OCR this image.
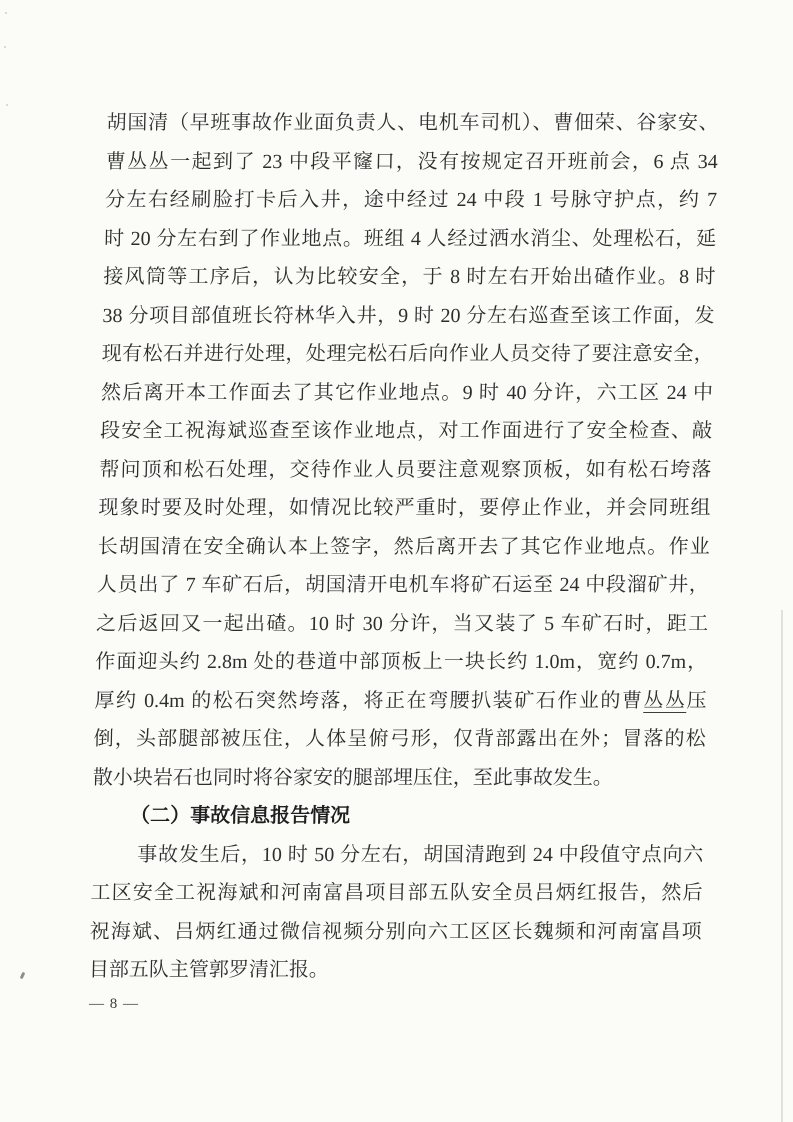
胡国清（早班事故作业面负责人、电机车司机）、曹佃荣、谷家安、
曹丛丛一起到了 23 中段平窿口，没有按规定召开班前会，6 点 34
分左右经刷脸打卡后入井，途中经过 24 中段 1 号脉守护点，约 7
时 20 分左右到了作业地点。班组 4 人经过洒水消尘、处理松石，延
接风筒等工序后，认为比较安全，于 8 时左右开始出碴作业。8 时
38 分项目部值班长符林华入井，9 时 20 分左右巡查至该工作面，发
现有松石并进行处理，处理完松石后向作业人员交待了要注意安全，
然后离开本工作面去了其它作业地点。9 时 40 分许，六工区 24 中
段安全工祝海斌巡查至该作业地点，对工作面进行了安全检查、敲
帮问顶和松石处理，交待作业人员要注意观察顶板，如有松石垮落
现象时要及时处理，如情况比较严重时，要停止作业，并会同班组
长胡国清在安全确认本上签字，然后离开去了其它作业地点。作业
人员出了 7 车矿石后，胡国清开电机车将矿石运至 24 中段溜矿井，
之后返回又一起出碴。10 时 30 分许，当又装了 5 车矿石时，距工
作面迎头约 2.8m 处的巷道中部顶板上一块长约 1.0m，宽约 0.7m，
厚约 0.4m 的松石突然垮落，将正在弯腰扒装矿石作业的曹丛丛压
倒，头部腿部被压住，人体呈俯弓形，仅背部露出在外；冒落的松
散小块岩石也同时将谷家安的腿部埋压住，至此事故发生。
（二）事故信息报告情况
事故发生后，10 时 50 分左右，胡国清跑到 24 中段值守点向六
工区安全工祝海斌和河南富昌项目部五队安全员吕炳红报告，然后
祝海斌、吕炳红通过微信视频分别向六工区区长魏频和河南富昌项
目部五队主管郭罗清汇报。
— 8 —
